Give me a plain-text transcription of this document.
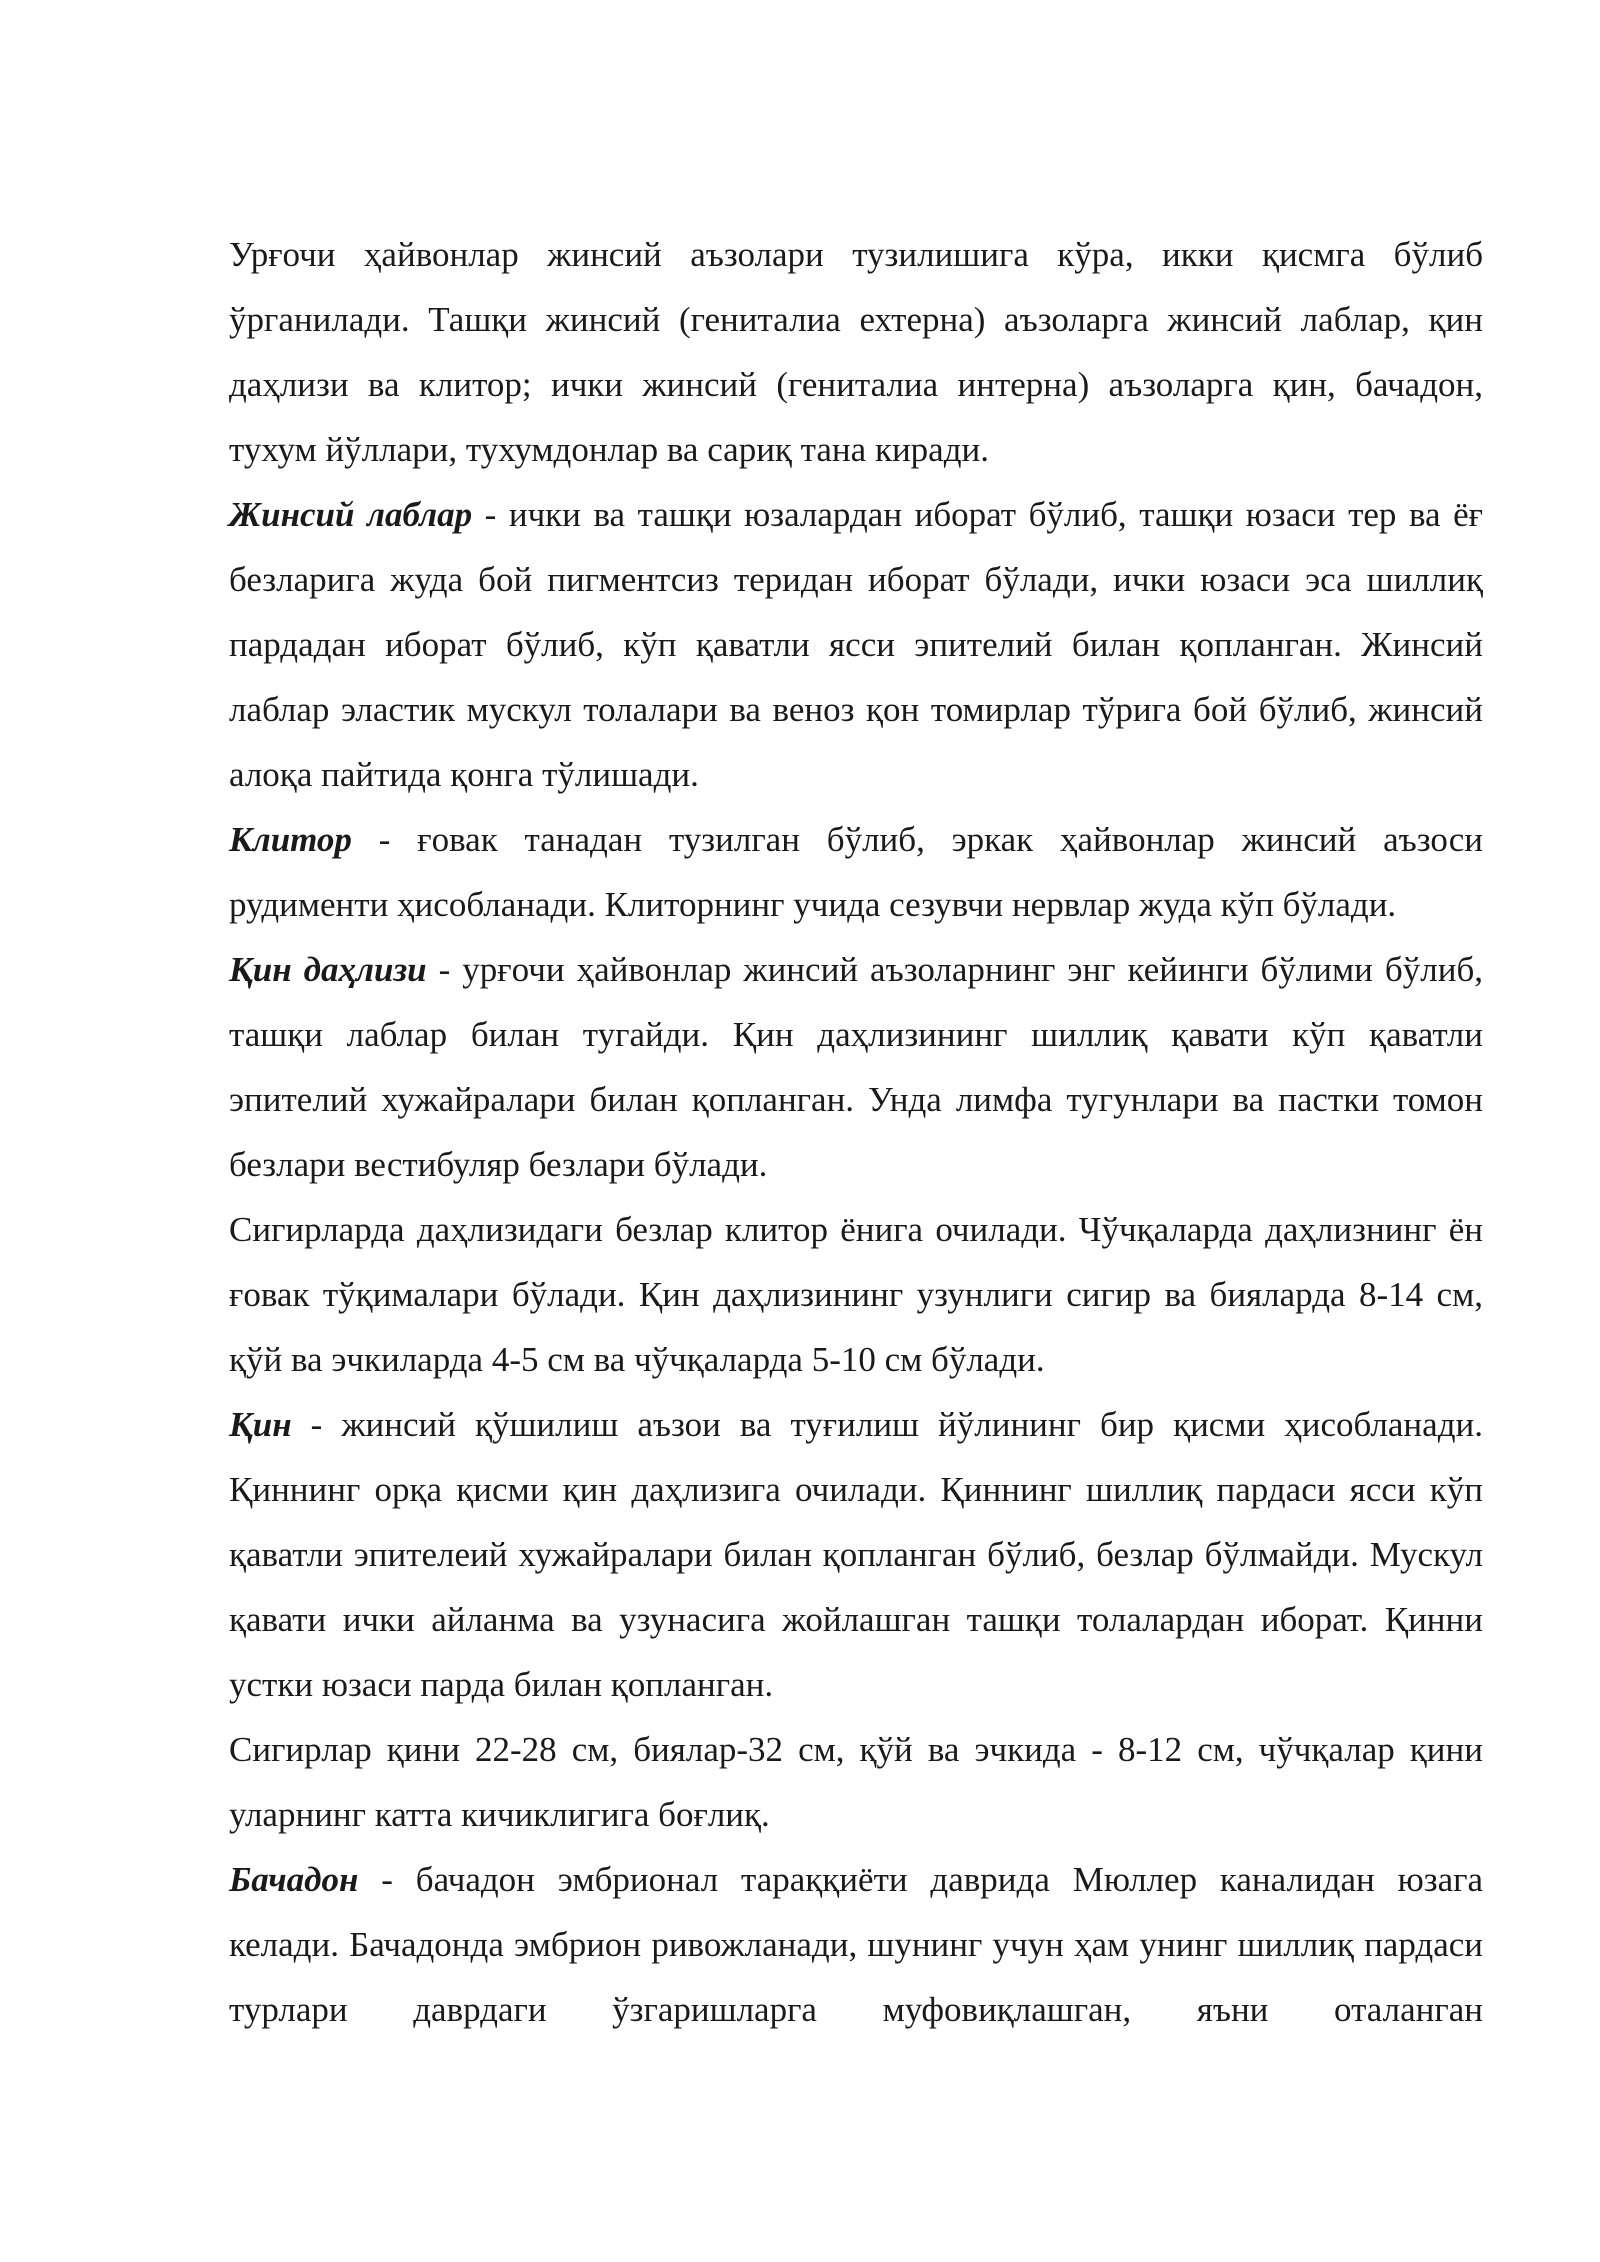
Урғочи ҳайвонлар жинсий аъзолари тузилишига кўра, икки қисмга бўлиб ўрганилади. Ташқи жинсий (гениталиа ехтерна) аъзоларга жинсий лаблар, қин даҳлизи ва клитор; ички жинсий (гениталиа интерна) аъзоларга қин, бачадон, тухум йўллари, тухумдонлар ва сариқ тана киради.

Жинсий лаблар - ички ва ташқи юзалардан иборат бўлиб, ташқи юзаси тер ва ёғ безларига жуда бой пигментсиз теридан иборат бўлади, ички юзаси эса шиллиқ пардадан иборат бўлиб, кўп қаватли ясси эпителий билан қопланган. Жинсий лаблар эластик мускул толалари ва веноз қон томирлар тўрига бой бўлиб, жинсий алоқа пайтида қонга тўлишади.

Клитор - ғовак танадан тузилган бўлиб, эркак ҳайвонлар жинсий аъзоси рудименти ҳисобланади. Клиторнинг учида сезувчи нервлар жуда кўп бўлади.

Қин даҳлизи - урғочи ҳайвонлар жинсий аъзоларнинг энг кейинги бўлими бўлиб, ташқи лаблар билан тугайди. Қин даҳлизининг шиллиқ қавати кўп қаватли эпителий хужайралари билан қопланган. Унда лимфа тугунлари ва пастки томон безлари вестибуляр безлари бўлади.

Сигирларда даҳлизидаги безлар клитор ёнига очилади. Чўчқаларда даҳлизнинг ён ғовак тўқималари бўлади. Қин даҳлизининг узунлиги сигир ва бияларда 8-14 см, қўй ва эчкиларда 4-5 см ва чўчқаларда 5-10 см бўлади.

Қин - жинсий қўшилиш аъзои ва туғилиш йўлининг бир қисми ҳисобланади. Қиннинг орқа қисми қин даҳлизига очилади. Қиннинг шиллиқ пардаси ясси кўп қаватли эпителеий хужайралари билан қопланган бўлиб, безлар бўлмайди. Мускул қавати ички айланма ва узунасига жойлашган ташқи толалардан иборат. Қинни устки юзаси парда билан қопланган.

Сигирлар қини 22-28 см, биялар-32 см, қўй ва эчкида - 8-12 см, чўчқалар қини уларнинг катта кичиклигига боғлиқ.

Бачадон - бачадон эмбрионал тараққиёти даврида Мюллер каналидан юзага келади. Бачадонда эмбрион ривожланади, шунинг учун ҳам унинг шиллиқ пардаси турлари даврдаги ўзгаришларга муфовиқлашган, яъни оталанган
